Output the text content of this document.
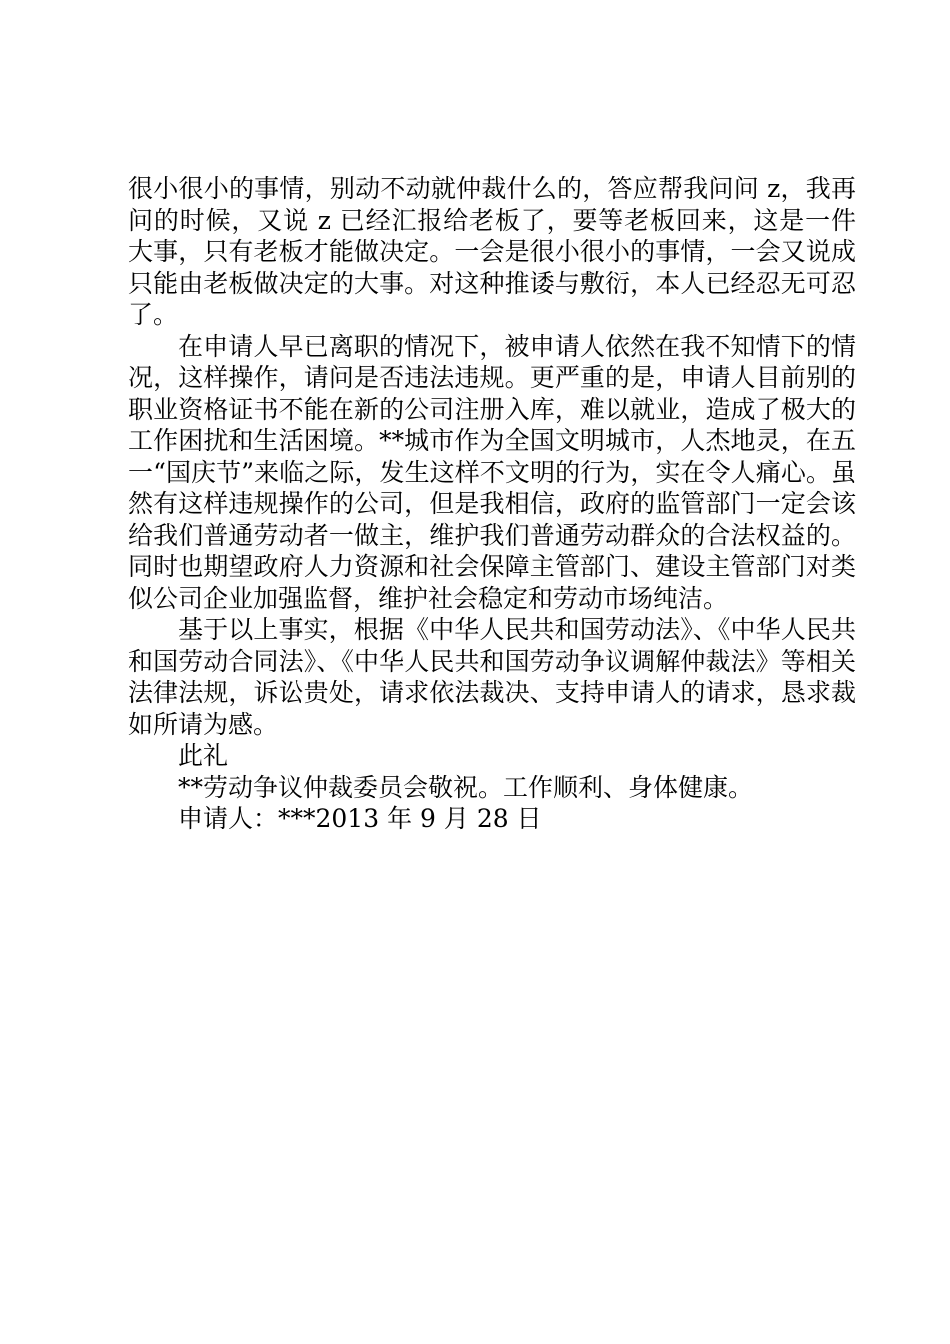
很小很小的事情，别动不动就仲裁什么的，答应帮我问问 z，我再问的时候，又说 z 已经汇报给老板了，要等老板回来，这是一件大事，只有老板才能做决定。一会是很小很小的事情，一会又说成只能由老板做决定的大事。对这种推诿与敷衍，本人已经忍无可忍了。

在申请人早已离职的情况下，被申请人依然在我不知情下的情况，这样操作，请问是否违法违规。更严重的是，申请人目前别的职业资格证书不能在新的公司注册入库，难以就业，造成了极大的工作困扰和生活困境。**城市作为全国文明城市，人杰地灵，在五一“国庆节”来临之际，发生这样不文明的行为，实在令人痛心。虽然有这样违规操作的公司，但是我相信，政府的监管部门一定会该给我们普通劳动者一做主，维护我们普通劳动群众的合法权益的。同时也期望政府人力资源和社会保障主管部门、建设主管部门对类似公司企业加强监督，维护社会稳定和劳动市场纯洁。

基于以上事实，根据《中华人民共和国劳动法》、《中华人民共和国劳动合同法》、《中华人民共和国劳动争议调解仲裁法》等相关法律法规，诉讼贵处，请求依法裁决、支持申请人的请求，恳求裁如所请为感。

此礼

**劳动争议仲裁委员会敬祝。工作顺利、身体健康。

申请人：***2013 年 9 月 28 日
